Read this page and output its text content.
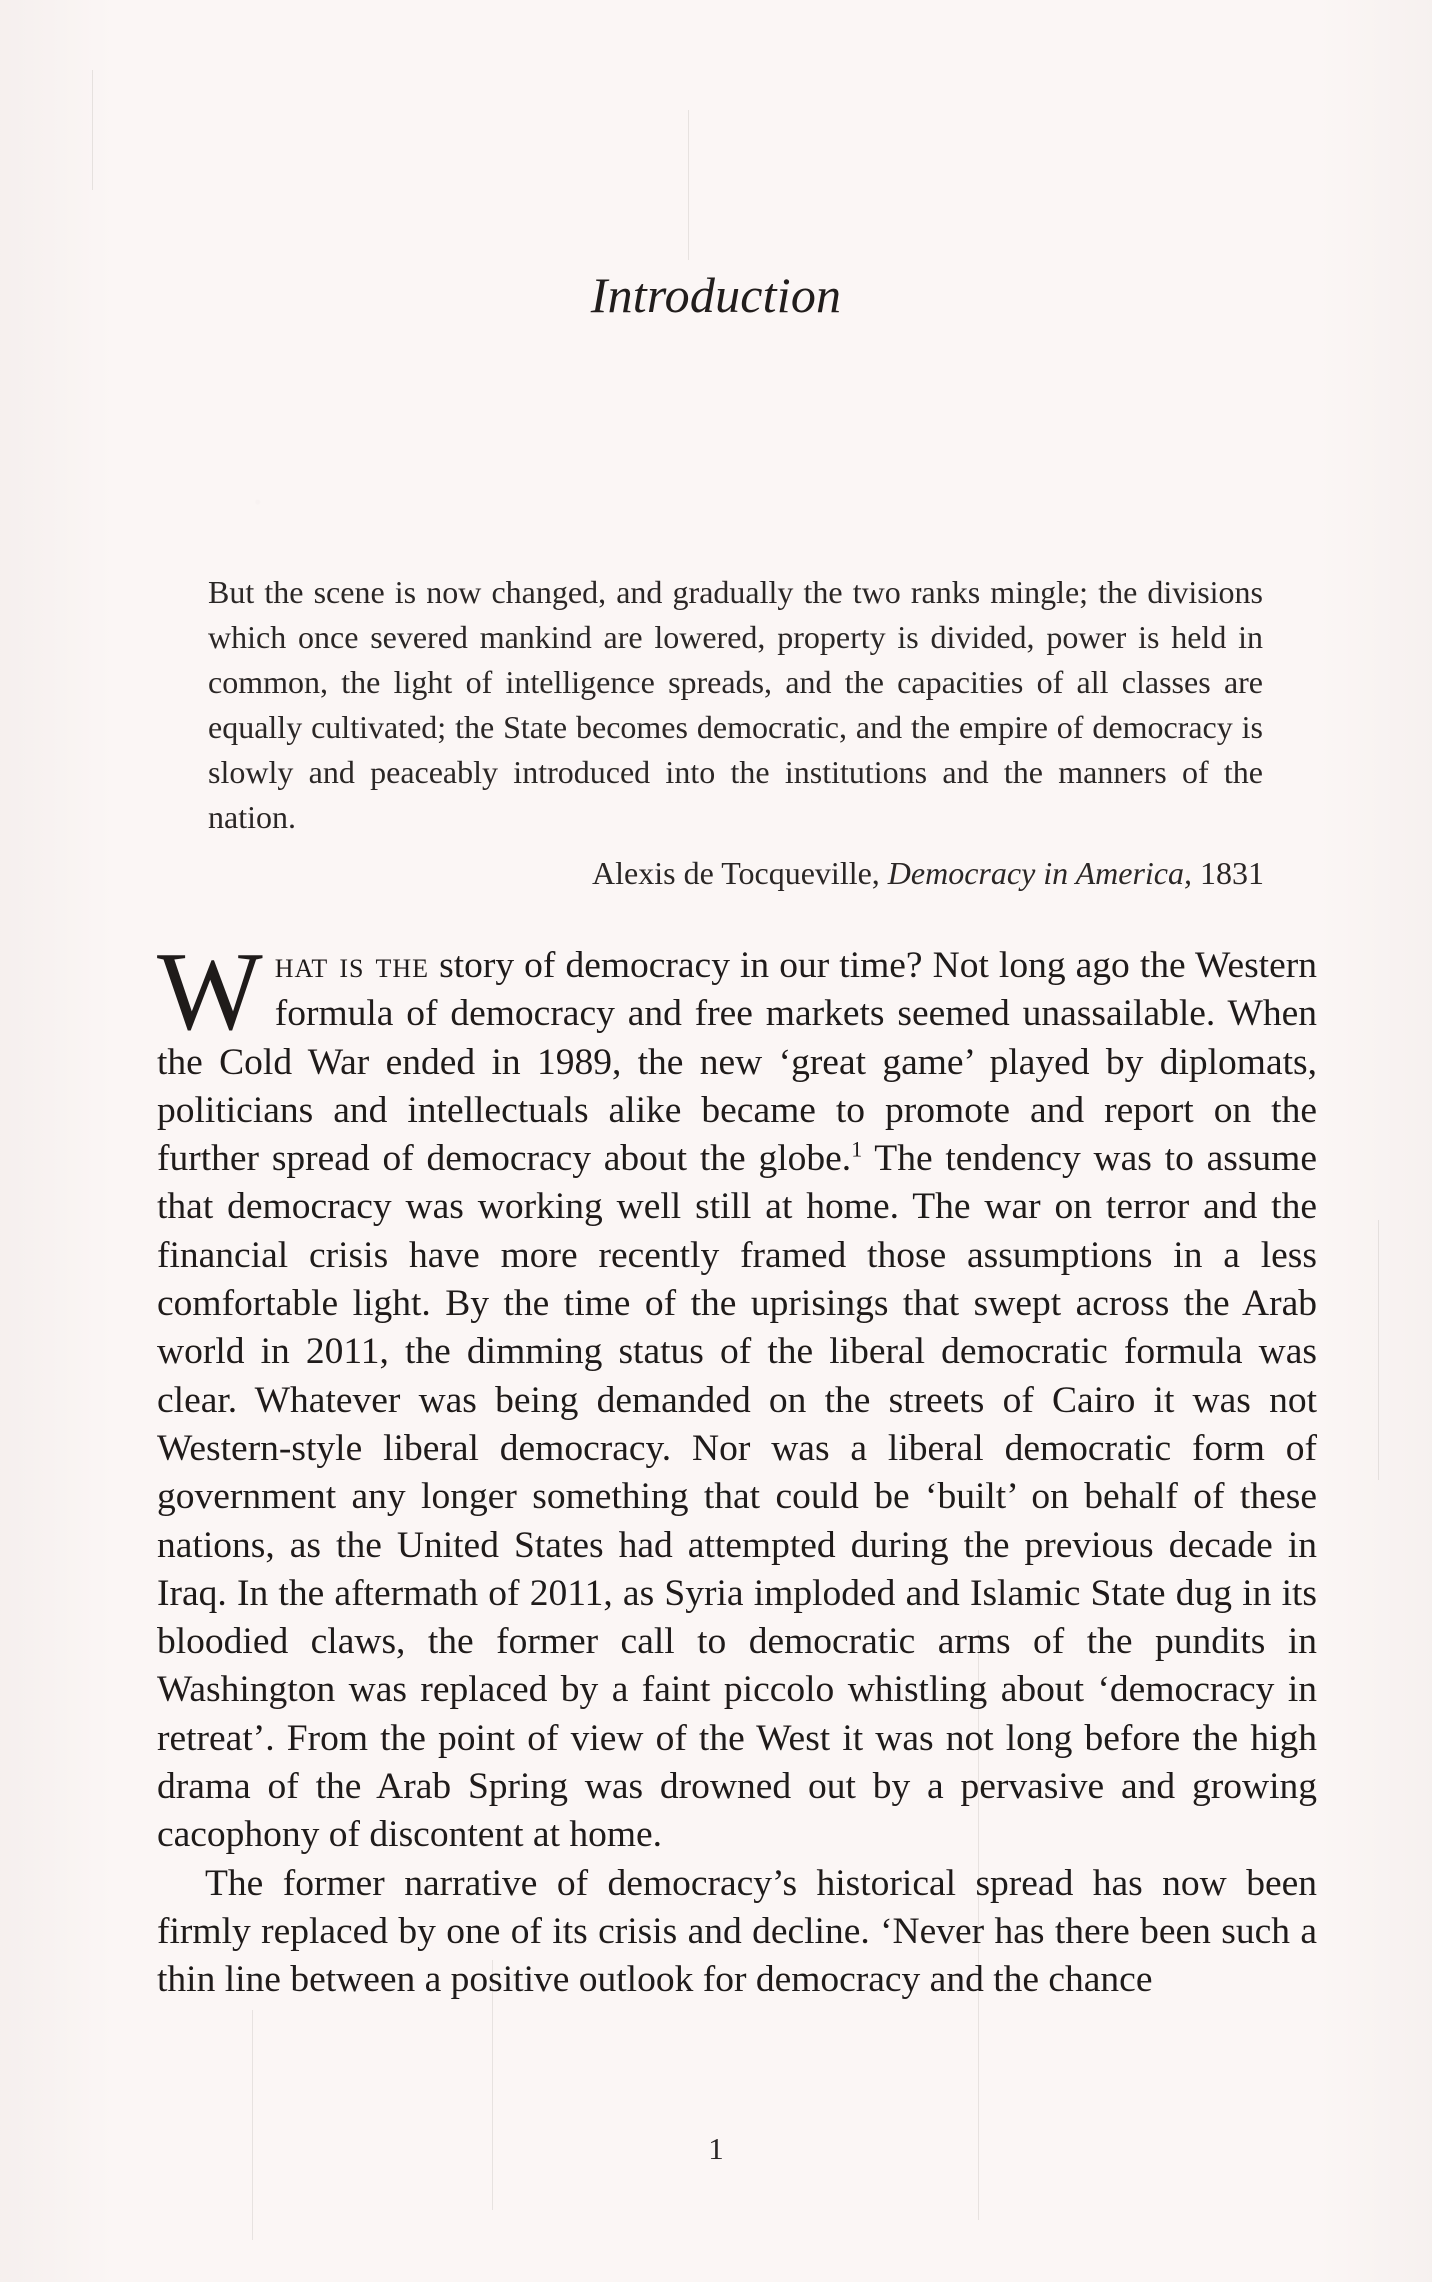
Introduction

But the scene is now changed, and gradually the two ranks mingle; the divisions which once severed mankind are lowered, property is divided, power is held in common, the light of intelligence spreads, and the capacities of all classes are equally cultivated; the State becomes democratic, and the empire of democracy is slowly and peaceably introduced into the institutions and the manners of the nation.

Alexis de Tocqueville, Democracy in America, 1831

What is the story of democracy in our time? Not long ago the Western formula of democracy and free markets seemed unassailable. When the Cold War ended in 1989, the new ‘great game’ played by diplomats, politicians and intellectuals alike became to promote and report on the further spread of democracy about the globe.$^1$ The tendency was to assume that democracy was working well still at home. The war on terror and the financial crisis have more recently framed those assumptions in a less comfortable light. By the time of the uprisings that swept across the Arab world in 2011, the dimming status of the liberal democratic formula was clear. Whatever was being demanded on the streets of Cairo it was not Western-style liberal democracy. Nor was a liberal democratic form of government any longer something that could be ‘built’ on behalf of these nations, as the United States had attempted during the previous decade in Iraq. In the aftermath of 2011, as Syria imploded and Islamic State dug in its bloodied claws, the former call to democratic arms of the pundits in Washington was replaced by a faint piccolo whistling about ‘democracy in retreat’. From the point of view of the West it was not long before the high drama of the Arab Spring was drowned out by a pervasive and growing cacophony of discontent at home.

The former narrative of democracy’s historical spread has now been firmly replaced by one of its crisis and decline. ‘Never has there been such a thin line between a positive outlook for democracy and the chance

1
